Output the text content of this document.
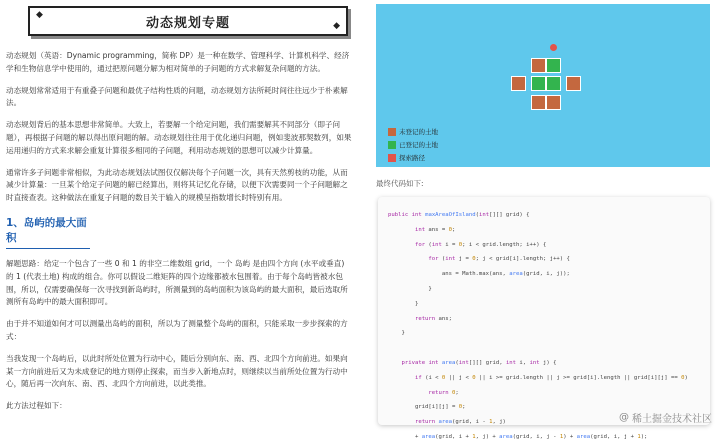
◆
动态规划专题	◆

动态规划（英语：Dynamic programming，简称 DP）是一种在数学、管理科学、计算机科学、经济学和生物信息学中使用的，通过把原问题分解为相对简单的子问题的方式求解复杂问题的方法。

动态规划常常适用于有重叠子问题和最优子结构性质的问题，动态规划方法所耗时间往往远少于朴素解法。

动态规划背后的基本思想非常简单。大致上，若要解一个给定问题，我们需要解其不同部分（即子问题），再根据子问题的解以得出原问题的解。动态规划往往用于优化递归问题，例如斐波那契数列，如果运用递归的方式来求解会重复计算很多相同的子问题，利用动态规划的思想可以减少计算量。

通常许多子问题非常相似，为此动态规划法试图仅仅解决每个子问题一次，具有天然剪枝的功能，从而减少计算量：一旦某个给定子问题的解已经算出，则将其记忆化存储，以便下次需要同一个子问题解之时直接查表。这种做法在重复子问题的数目关于输入的规模呈指数增长时特别有用。

1、岛屿的最大面积

解题思路：给定一个包含了一些 0 和 1 的非空二维数组 grid，一个 岛屿 是由四个方向 (水平或垂直) 的 1 (代表土地) 构成的组合。你可以假设二维矩阵的四个边缘都被水包围着。由于每个岛屿皆被水包围，所以，仅需要确保每一次寻找到新岛屿时，所测量到的岛屿面积为该岛屿的最大面积，最后选取所测所有岛屿中的最大面积即可。

由于并不知道如何才可以测量出岛屿的面积，所以为了测量整个岛屿的面积，只能采取一步步探索的方式：

当我发现一个岛屿后，以此时所处位置为行动中心，随后分别向东、南、西、北四个方向前进。如果向某一方向前进后又为未成登记的地方则停止探索，而当步入新地点时，则继续以当前所处位置为行动中心，随后再一次向东、南、西、北四个方向前进，以此类推。

此方法过程如下：

未登记的土地
已登记的土地
探索路径
最终代码如下:
public int maxAreaOfIsland(int[][] grid) {
int ans = 0;
for (int i = 0; i < grid.length; i++) {
for (int j = 0; j < grid[i].length; j++) {
ans = Math.max(ans, area(grid, i, j));
}
}
return ans;
}

private int area(int[][] grid, int i, int j) {
if (i < 0 || j < 0 || i >= grid.length || j >= grid[i].length || grid[i][j] == 0)
return 0;
grid[i][j] = 0;
return area(grid, i - 1, j)
+ area(grid, i + 1, j) + area(grid, i, j - 1) + area(grid, i, j + 1);
@ 稀土掘金技术社区
